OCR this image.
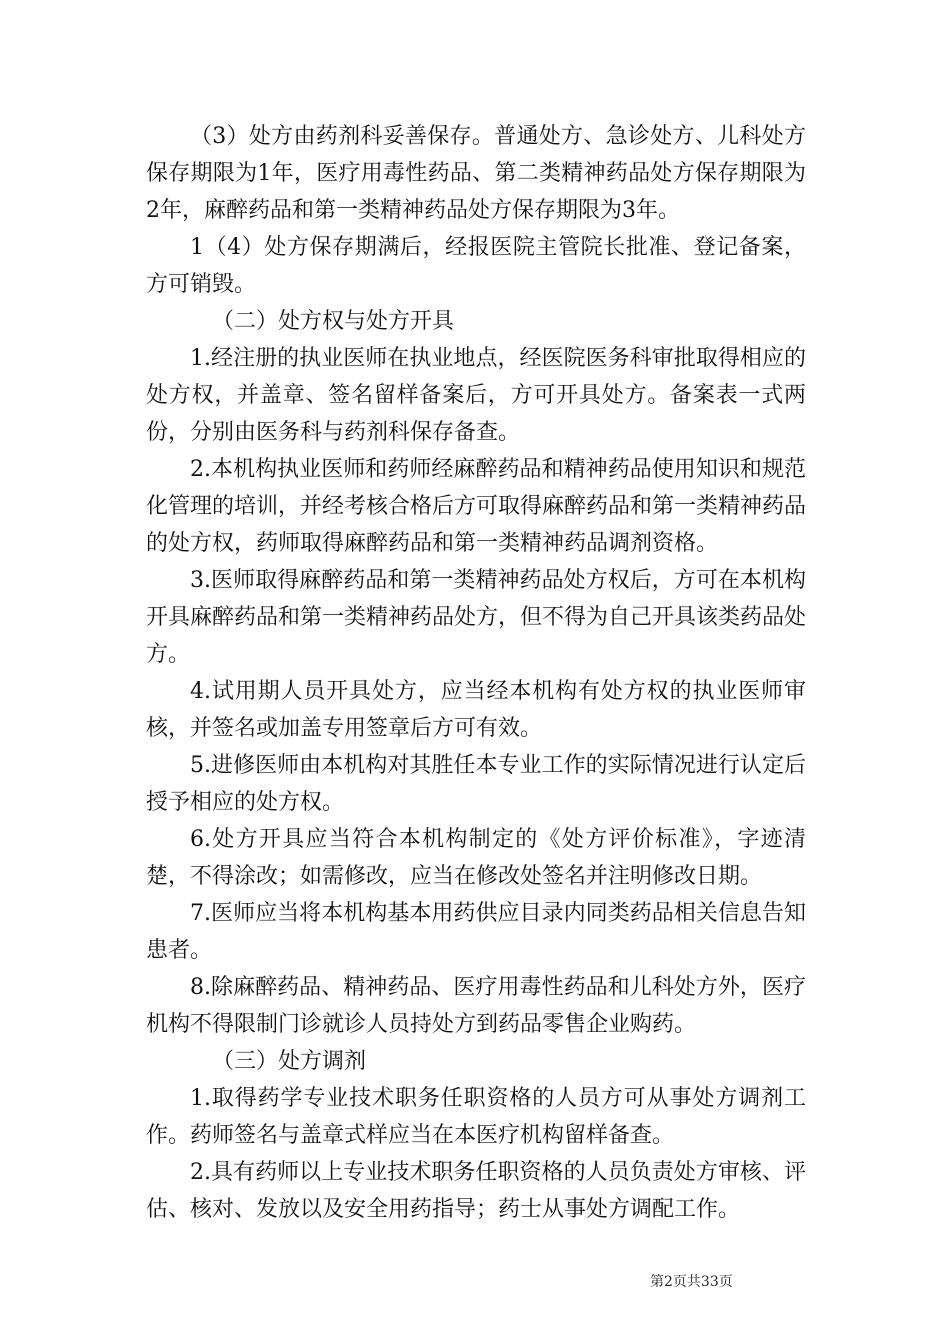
（3）处方由药剂科妥善保存。普通处方、急诊处方、儿科处方保存期限为1年，医疗用毒性药品、第二类精神药品处方保存期限为2年，麻醉药品和第一类精神药品处方保存期限为3年。

1（4）处方保存期满后，经报医院主管院长批准、登记备案，方可销毁。

（二）处方权与处方开具

1.经注册的执业医师在执业地点，经医院医务科审批取得相应的处方权，并盖章、签名留样备案后，方可开具处方。备案表一式两份，分别由医务科与药剂科保存备查。

2.本机构执业医师和药师经麻醉药品和精神药品使用知识和规范化管理的培训，并经考核合格后方可取得麻醉药品和第一类精神药品的处方权，药师取得麻醉药品和第一类精神药品调剂资格。

3.医师取得麻醉药品和第一类精神药品处方权后，方可在本机构开具麻醉药品和第一类精神药品处方，但不得为自己开具该类药品处方。

4.试用期人员开具处方，应当经本机构有处方权的执业医师审核，并签名或加盖专用签章后方可有效。

5.进修医师由本机构对其胜任本专业工作的实际情况进行认定后授予相应的处方权。

6.处方开具应当符合本机构制定的《处方评价标准》，字迹清楚，不得涂改；如需修改，应当在修改处签名并注明修改日期。

7.医师应当将本机构基本用药供应目录内同类药品相关信息告知患者。

8.除麻醉药品、精神药品、医疗用毒性药品和儿科处方外，医疗机构不得限制门诊就诊人员持处方到药品零售企业购药。

（三）处方调剂

1.取得药学专业技术职务任职资格的人员方可从事处方调剂工作。药师签名与盖章式样应当在本医疗机构留样备查。

2.具有药师以上专业技术职务任职资格的人员负责处方审核、评估、核对、发放以及安全用药指导；药士从事处方调配工作。

第2页共33页
